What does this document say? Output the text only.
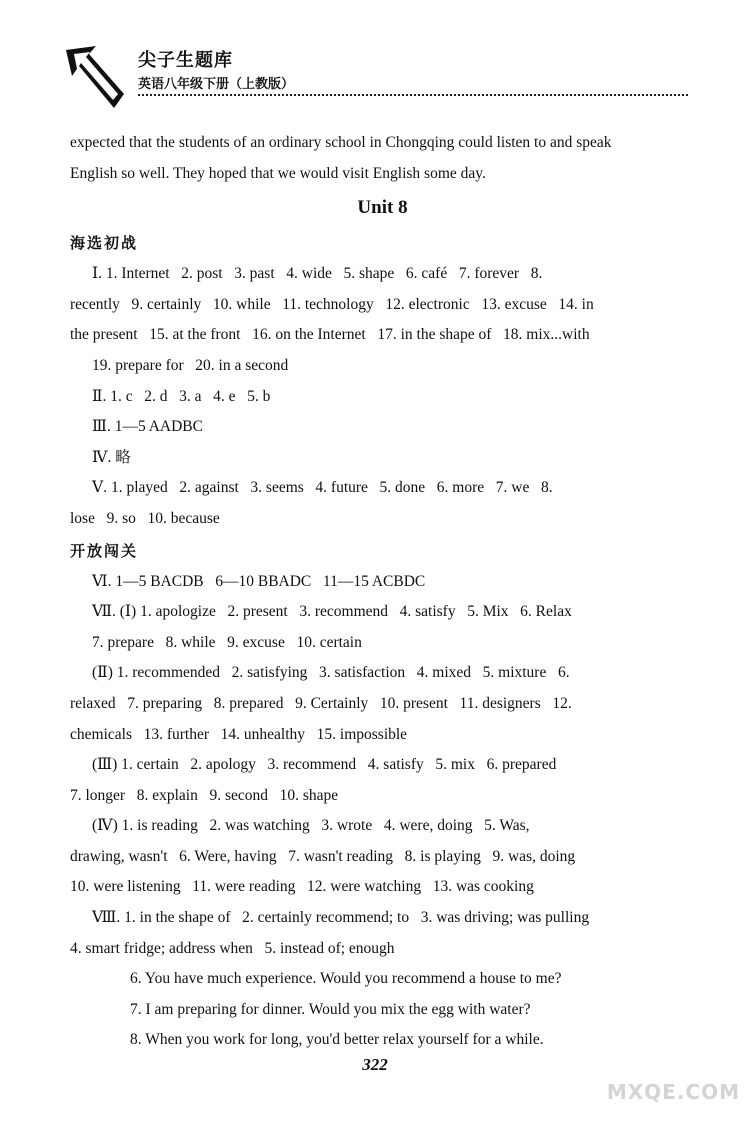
尖子生题库
英语八年级下册（上教版）
expected that the students of an ordinary school in Chongqing could listen to and speak
English so well. They hoped that we would visit English some day.
Unit 8
海选初战
Ⅰ. 1. Internet   2. post   3. past   4. wide   5. shape   6. café   7. forever   8.
recently   9. certainly   10. while   11. technology   12. electronic   13. excuse   14. in
the present   15. at the front   16. on the Internet   17. in the shape of   18. mix...with
19. prepare for   20. in a second
Ⅱ. 1. c   2. d   3. a   4. e   5. b
Ⅲ. 1—5 AADBC
Ⅳ. 略
Ⅴ. 1. played   2. against   3. seems   4. future   5. done   6. more   7. we   8.
lose   9. so   10. because
开放闯关
Ⅵ. 1—5 BACDB   6—10 BBADC   11—15 ACBDC
Ⅶ. (Ⅰ) 1. apologize   2. present   3. recommend   4. satisfy   5. Mix   6. Relax
7. prepare   8. while   9. excuse   10. certain
(Ⅱ) 1. recommended   2. satisfying   3. satisfaction   4. mixed   5. mixture   6.
relaxed   7. preparing   8. prepared   9. Certainly   10. present   11. designers   12.
chemicals   13. further   14. unhealthy   15. impossible
(Ⅲ) 1. certain   2. apology   3. recommend   4. satisfy   5. mix   6. prepared
7. longer   8. explain   9. second   10. shape
(Ⅳ) 1. is reading   2. was watching   3. wrote   4. were, doing   5. Was,
drawing, wasn't   6. Were, having   7. wasn't reading   8. is playing   9. was, doing
10. were listening   11. were reading   12. were watching   13. was cooking
Ⅷ. 1. in the shape of   2. certainly recommend; to   3. was driving; was pulling
4. smart fridge; address when   5. instead of; enough
6. You have much experience. Would you recommend a house to me?
7. I am preparing for dinner. Would you mix the egg with water?
8. When you work for long, you'd better relax yourself for a while.
322
MXQE.COM
